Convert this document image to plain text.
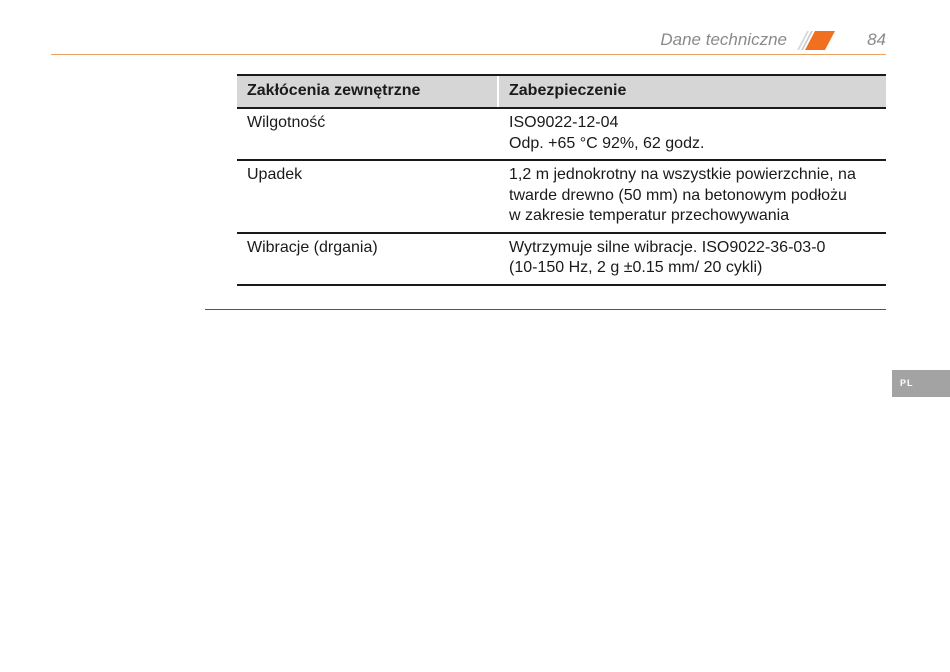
Dane techniczne	84
Zakłócenia zewnętrzne	Zabezpieczenie
Wilgotność	ISO9022-12-04
Odp. +65 °C 92%, 62 godz.

Upadek	1,2 m jednokrotny na wszystkie powierzchnie, na
twarde drewno (50 mm) na betonowym podłożu
w zakresie temperatur przechowywania

Wibracje (drgania)	Wytrzymuje silne wibracje. ISO9022-36-03-0
(10-150 Hz, 2 g ±0.15 mm/ 20 cykli)
PL
